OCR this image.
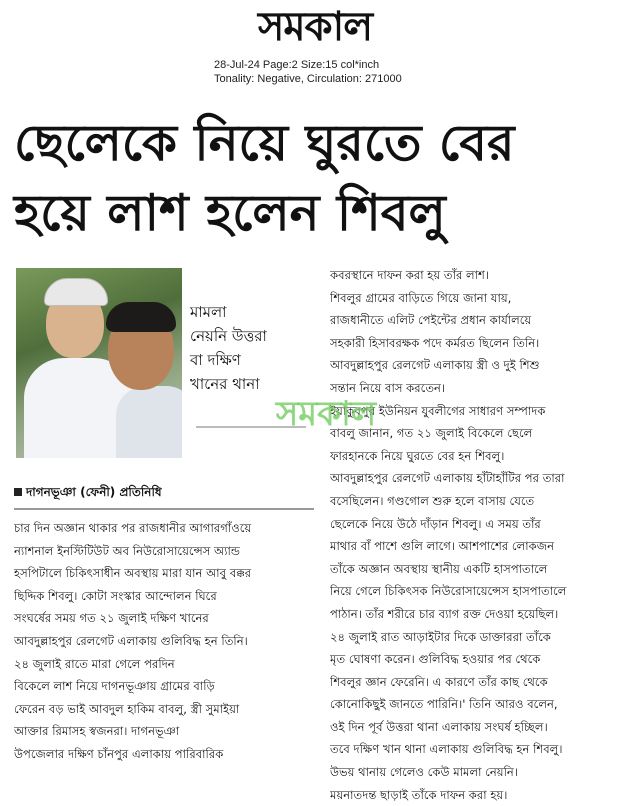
সমকাল
28-Jul-24 Page:2 Size:15 col*inch
Tonality: Negative, Circulation: 271000
ছেলেকে নিয়ে ঘুরতে বের
হয়ে লাশ হলেন শিবলু
মামলা
নেয়নি উত্তরা
বা দক্ষিণ
খানের থানা
দাগনভূঞা (ফেনী) প্রতিনিধি
চার দিন অজ্ঞান থাকার পর রাজধানীর আগারগাঁওয়ে
ন্যাশনাল ইনস্টিটিউট অব নিউরোসায়েন্সেস অ্যান্ড
হসপিটালে চিকিৎসাধীন অবস্থায় মারা যান আবু বক্কর
ছিদ্দিক শিবলু। কোটা সংস্কার আন্দোলন ঘিরে
সংঘর্ষের সময় গত ২১ জুলাই দক্ষিণ খানের
আবদুল্লাহপুর রেলগেট এলাকায় গুলিবিদ্ধ হন তিনি।
২৪ জুলাই রাতে মারা গেলে পরদিন
বিকেলে লাশ নিয়ে দাগনভূঞায় গ্রামের বাড়ি
ফেরেন বড় ভাই আবদুল হাকিম বাবলু, স্ত্রী সুমাইয়া
আক্তার রিমাসহ স্বজনরা। দাগনভূঞা
উপজেলার দক্ষিণ চাঁনপুর এলাকায় পারিবারিক
কবরস্থানে দাফন করা হয় তাঁর লাশ।
শিবলুর গ্রামের বাড়িতে গিয়ে জানা যায়,
রাজধানীতে এলিট পেইন্টের প্রধান কার্যালয়ে
সহকারী হিসাবরক্ষক পদে কর্মরত ছিলেন তিনি।
আবদুল্লাহপুর রেলগেট এলাকায় স্ত্রী ও দুই শিশু
সন্তান নিয়ে বাস করতেন।
ইয়াকুবপুর ইউনিয়ন যুবলীগের সাধারণ সম্পাদক
বাবলু জানান, গত ২১ জুলাই বিকেলে ছেলে
ফারহানকে নিয়ে ঘুরতে বের হন শিবলু।
আবদুল্লাহপুর রেলগেট এলাকায় হাঁটাহাঁটির পর তারা
বসেছিলেন। গণ্ডগোল শুরু হলে বাসায় যেতে
ছেলেকে নিয়ে উঠে দাঁড়ান শিবলু। এ সময় তাঁর
মাথার বাঁ পাশে গুলি লাগে। আশপাশের লোকজন
তাঁকে অজ্ঞান অবস্থায় স্থানীয় একটি হাসপাতালে
নিয়ে গেলে চিকিৎসক নিউরোসায়েন্সেস হাসপাতালে
পাঠান। তাঁর শরীরে চার ব্যাগ রক্ত দেওয়া হয়েছিল।
২৪ জুলাই রাত আড়াইটার দিকে ডাক্তাররা তাঁকে
মৃত ঘোষণা করেন। গুলিবিদ্ধ হওয়ার পর থেকে
শিবলুর জ্ঞান ফেরেনি। এ কারণে তাঁর কাছ থেকে
কোনোকিছুই জানতে পারিনি।' তিনি আরও বলেন,
ওই দিন পূর্ব উত্তরা থানা এলাকায় সংঘর্ষ হচ্ছিল।
তবে দক্ষিণ খান থানা এলাকায় গুলিবিদ্ধ হন শিবলু।
উভয় থানায় গেলেও কেউ মামলা নেয়নি।
ময়নাতদন্ত ছাড়াই তাঁকে দাফন করা হয়।
সমকাল
